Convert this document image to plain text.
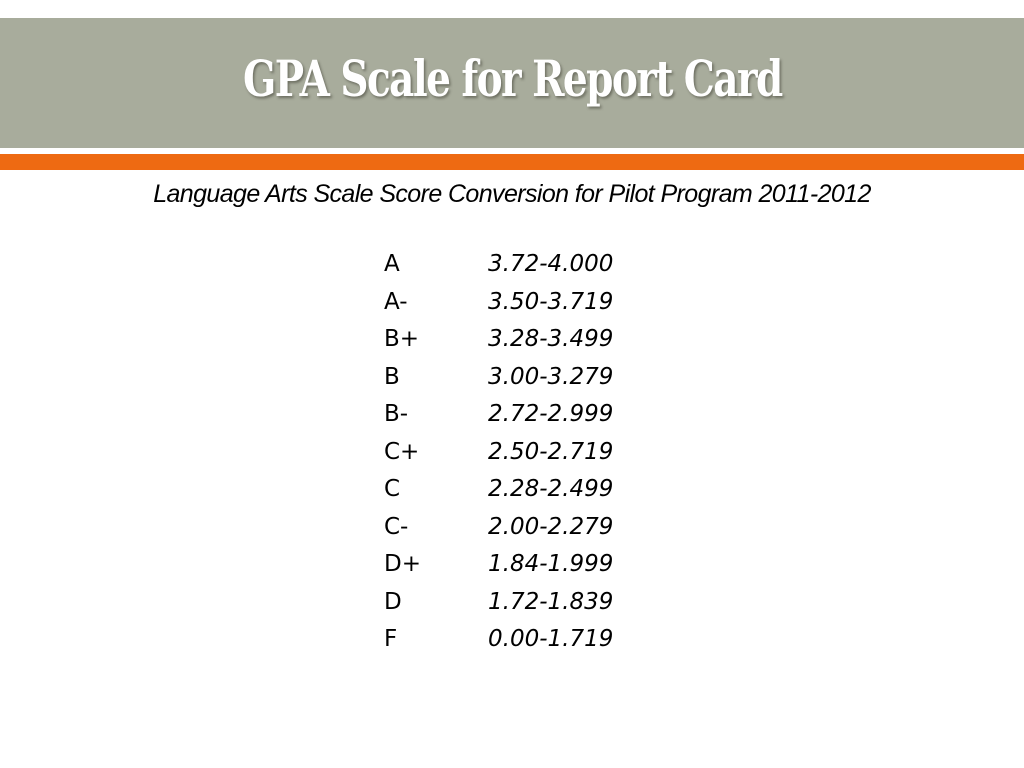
GPA Scale for Report Card
Language Arts Scale Score Conversion for Pilot Program 2011-2012
A	3.72-4.000
A-	3.50-3.719
B+	3.28-3.499
B	3.00-3.279
B-	2.72-2.999
C+	2.50-2.719
C	2.28-2.499
C-	2.00-2.279
D+	1.84-1.999
D	1.72-1.839
F	0.00-1.719
